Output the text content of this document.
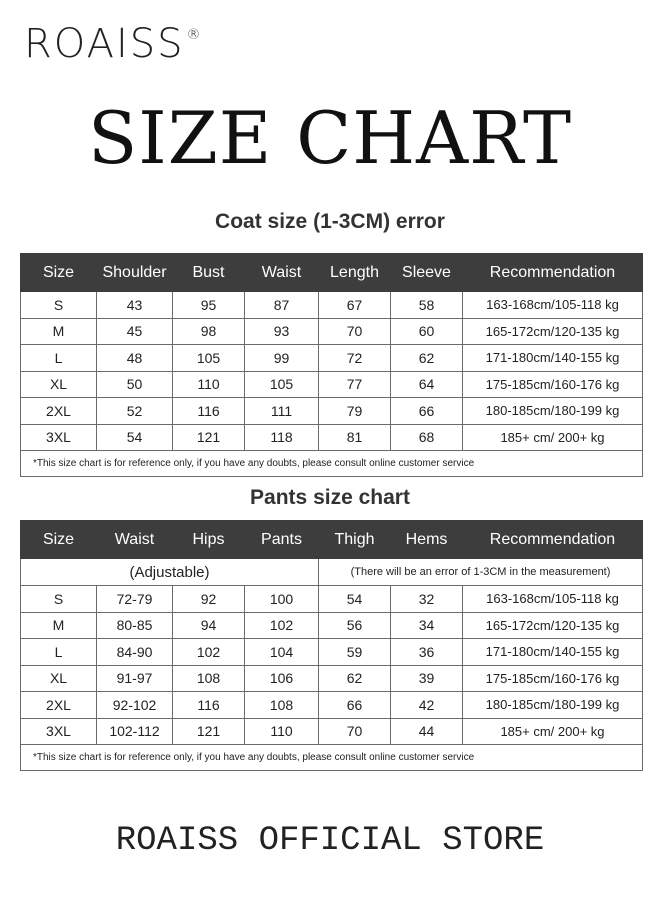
ROAISS ®
SIZE CHART
Coat size (1-3CM) error
Size	Shoulder	Bust	Waist	Length	Sleeve	Recommendation
S	43	95	87	67	58	163-168cm/105-118 kg
M	45	98	93	70	60	165-172cm/120-135 kg
L	48	105	99	72	62	171-180cm/140-155 kg
XL	50	110	105	77	64	175-185cm/160-176 kg
2XL	52	116	111	79	66	180-185cm/180-199 kg
3XL	54	121	118	81	68	185+ cm/ 200+ kg
*This size chart is for reference only, if you have any doubts, please consult online customer service						
Pants size chart
(Adjustable)				(There will be an error of 1-3CM in the measurement)		
Size	Waist	Hips	Pants	Thigh	Hems	Recommendation
S	72-79	92	100	54	32	163-168cm/105-118 kg
M	80-85	94	102	56	34	165-172cm/120-135 kg
L	84-90	102	104	59	36	171-180cm/140-155 kg
XL	91-97	108	106	62	39	175-185cm/160-176 kg
2XL	92-102	116	108	66	42	180-185cm/180-199 kg
3XL	102-112	121	110	70	44	185+ cm/ 200+ kg
*This size chart is for reference only, if you have any doubts, please consult online customer service						
ROAISS OFFICIAL STORE
